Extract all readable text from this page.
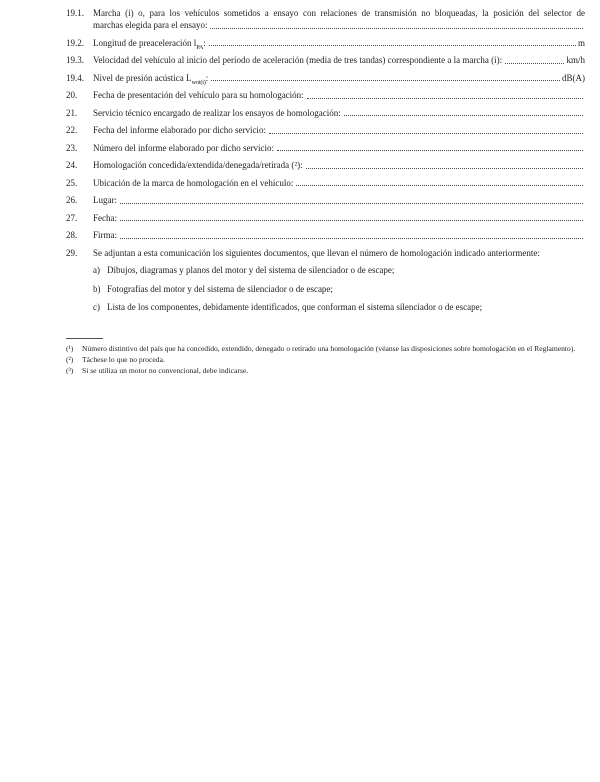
19.1.	Marcha (i) o, para los vehículos sometidos a ensayo con relaciones de transmisión no bloqueadas, la posición del selector de
marchas elegida para el ensayo:
19.2.	Longitud de preaceleración $l_{PA}$:	m
19.3.	Velocidad del vehículo al inicio del período de aceleración (media de tres tandas) correspondiente a la marcha (i):	km/h
19.4.	Nivel de presión acústica $L_{wot(i)}$:	dB(A)
20.	Fecha de presentación del vehículo para su homologación:
21.	Servicio técnico encargado de realizar los ensayos de homologación:
22.	Fecha del informe elaborado por dicho servicio:
23.	Número del informe elaborado por dicho servicio:
24.	Homologación concedida/extendida/denegada/retirada (²):
25.	Ubicación de la marca de homologación en el vehículo:
26.	Lugar:
27.	Fecha:
28.	Firma:
29.	Se adjuntan a esta comunicación los siguientes documentos, que llevan el número de homologación indicado anteriormente:
a) Dibujos, diagramas y planos del motor y del sistema de silenciador o de escape;
b) Fotografías del motor y del sistema de silenciador o de escape;
c) Lista de los componentes, debidamente identificados, que conforman el sistema silenciador o de escape;
(¹)	Número distintivo del país que ha concedido, extendido, denegado o retirado una homologación (véanse las disposiciones sobre homologación en el Reglamento).
(²)	Táchese lo que no proceda.
(³)	Si se utiliza un motor no convencional, debe indicarse.
